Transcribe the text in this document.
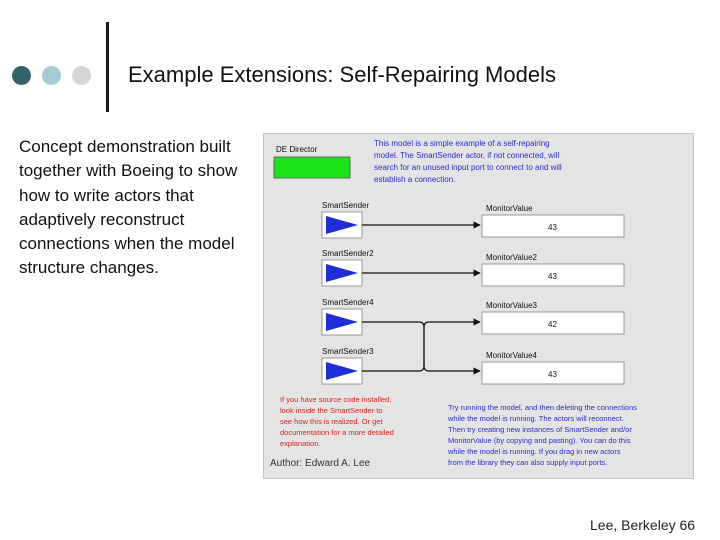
Example Extensions: Self-Repairing Models
Concept demonstration built together with Boeing to show how to write actors that adaptively reconstruct connections when the model structure changes.
DE Director
This model is a simple example of a self-repairing model. The SmartSender actor, if not connected, will search for an unused input port to connect to and will establish a connection.
SmartSender	MonitorValue
43
SmartSender2	MonitorValue2
43
SmartSender4	MonitorValue3
42
SmartSender3	MonitorValue4
43
If you have source code installed, look inside the SmartSender to see how this is realized. Or get documentation for a more detailed explanation.
Try running the model, and then deleting the connections while the model is running. The actors will reconnect. Then try creating new instances of SmartSender and/or MonitorValue (by copying and pasting). You can do this while the model is running. If you drag in new actors from the library they can also supply input ports.
Author: Edward A. Lee
Lee, Berkeley 66
